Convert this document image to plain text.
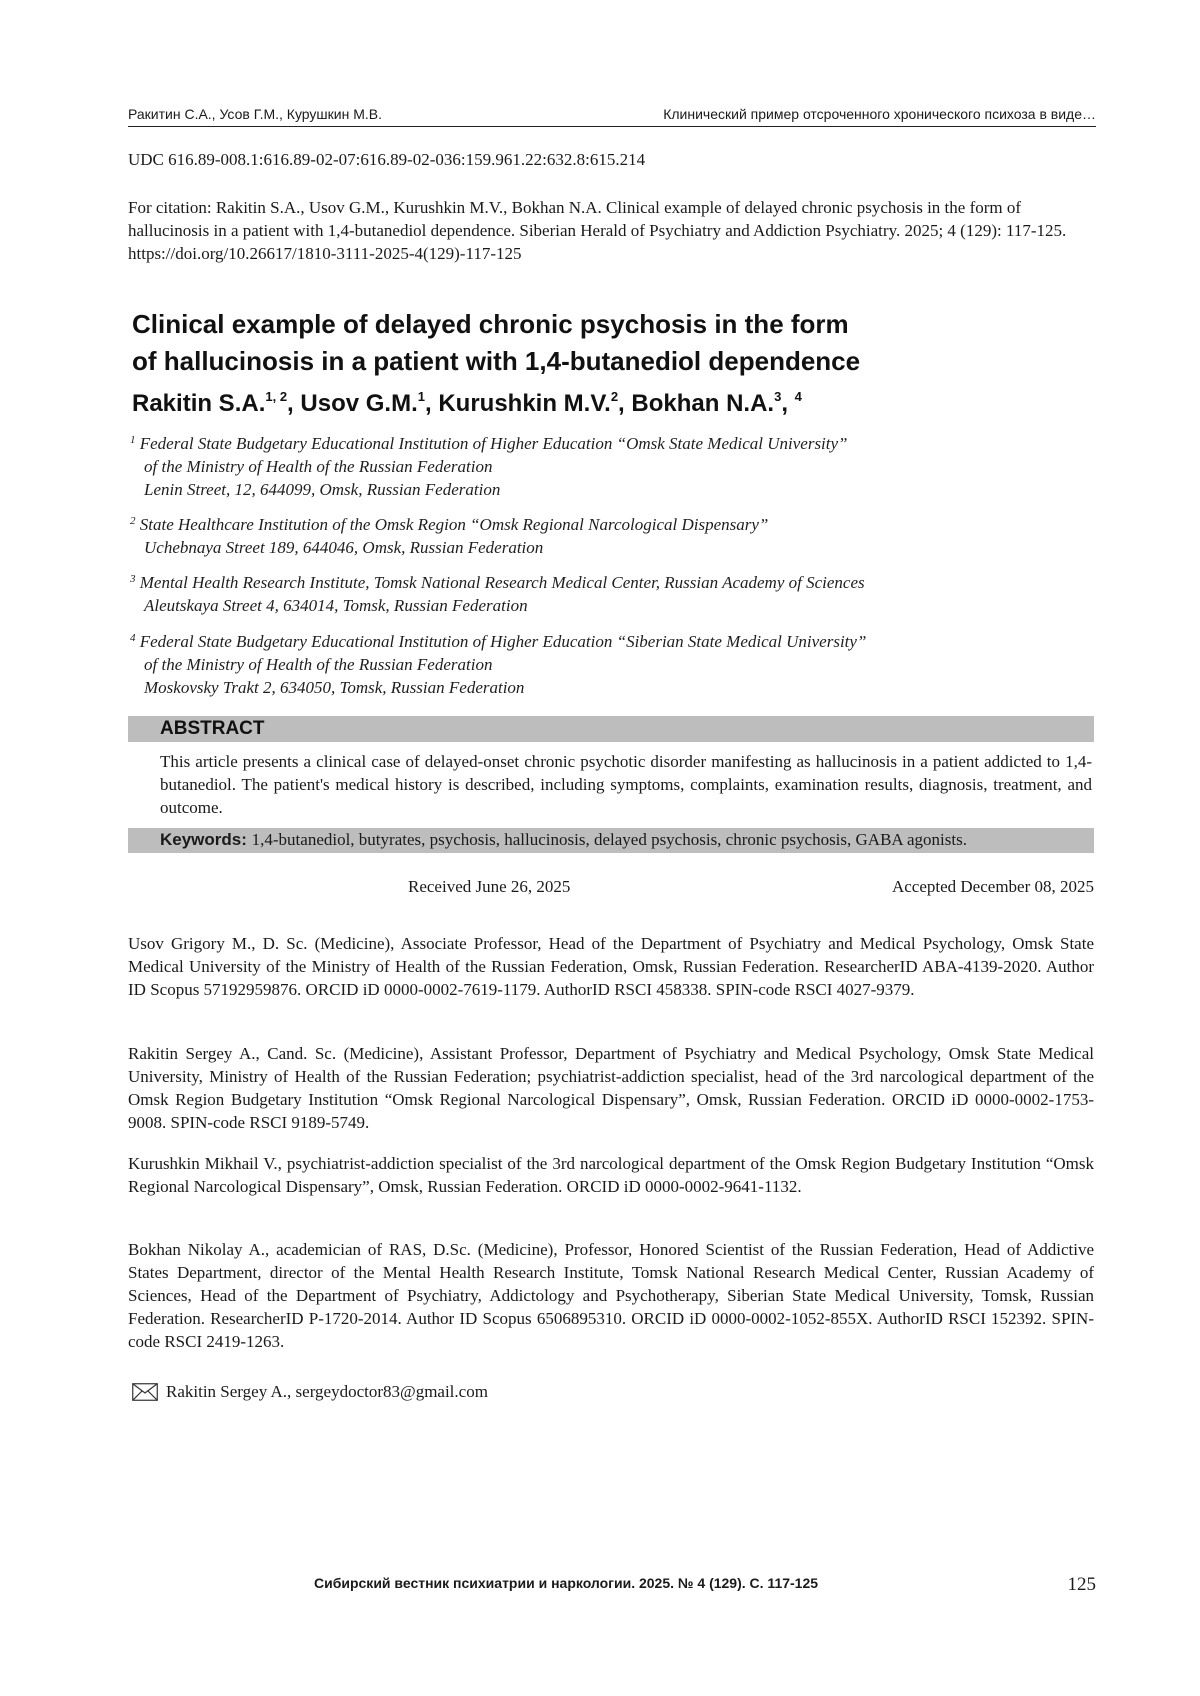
Ракитин С.А., Усов Г.М., Курушкин М.В.	Клинический пример отсроченного хронического психоза в виде…
UDC 616.89-008.1:616.89-02-07:616.89-02-036:159.961.22:632.8:615.214
For citation: Rakitin S.A., Usov G.M., Kurushkin M.V., Bokhan N.A. Clinical example of delayed chronic psychosis in the form of hallucinosis in a patient with 1,4-butanediol dependence. Siberian Herald of Psychiatry and Addiction Psychiatry. 2025; 4 (129): 117-125. https://doi.org/10.26617/1810-3111-2025-4(129)-117-125
Clinical example of delayed chronic psychosis in the form
of hallucinosis in a patient with 1,4-butanediol dependence
Rakitin S.A.$^{1, 2}$, Usov G.M.$^1$, Kurushkin M.V.$^2$, Bokhan N.A.$^3$, $^4$
$^1$ Federal State Budgetary Educational Institution of Higher Education “Omsk State Medical University”
of the Ministry of Health of the Russian Federation
Lenin Street, 12, 644099, Omsk, Russian Federation
$^2$ State Healthcare Institution of the Omsk Region “Omsk Regional Narcological Dispensary”
Uchebnaya Street 189, 644046, Omsk, Russian Federation
$^3$ Mental Health Research Institute, Tomsk National Research Medical Center, Russian Academy of Sciences
Aleutskaya Street 4, 634014, Tomsk, Russian Federation
$^4$ Federal State Budgetary Educational Institution of Higher Education “Siberian State Medical University”
of the Ministry of Health of the Russian Federation
Moskovsky Trakt 2, 634050, Tomsk, Russian Federation
ABSTRACT
This article presents a clinical case of delayed-onset chronic psychotic disorder manifesting as hallucinosis in a patient addicted to 1,4-butanediol. The patient's medical history is described, including symptoms, complaints, examination results, diagnosis, treatment, and outcome.
Keywords: 1,4-butanediol, butyrates, psychosis, hallucinosis, delayed psychosis, chronic psychosis, GABA agonists.
Received June 26, 2025	Accepted December 08, 2025
Usov Grigory M., D. Sc. (Medicine), Associate Professor, Head of the Department of Psychiatry and Medical Psychology, Omsk State Medical University of the Ministry of Health of the Russian Federation, Omsk, Russian Federation. ResearcherID ABA-4139-2020. Author ID Scopus 57192959876. ORCID iD 0000-0002-7619-1179. AuthorID RSCI 458338. SPIN-code RSCI 4027-9379.
Rakitin Sergey A., Cand. Sc. (Medicine), Assistant Professor, Department of Psychiatry and Medical Psychology, Omsk State Medical University, Ministry of Health of the Russian Federation; psychiatrist-addiction specialist, head of the 3rd narcological department of the Omsk Region Budgetary Institution “Omsk Regional Narcological Dispensary”, Omsk, Russian Federation. ORCID iD 0000-0002-1753-9008. SPIN-code RSCI 9189-5749.
Kurushkin Mikhail V., psychiatrist-addiction specialist of the 3rd narcological department of the Omsk Region Budgetary Institution “Omsk Regional Narcological Dispensary”, Omsk, Russian Federation. ORCID iD 0000-0002-9641-1132.
Bokhan Nikolay A., academician of RAS, D.Sc. (Medicine), Professor, Honored Scientist of the Russian Federation, Head of Addictive States Department, director of the Mental Health Research Institute, Tomsk National Research Medical Center, Russian Academy of Sciences, Head of the Department of Psychiatry, Addictology and Psychotherapy, Siberian State Medical University, Tomsk, Russian Federation. ResearcherID P-1720-2014. Author ID Scopus 6506895310. ORCID iD 0000-0002-1052-855X. AuthorID RSCI 152392. SPIN-code RSCI 2419-1263.
Rakitin Sergey A., sergeydoctor83@gmail.com
Сибирский вестник психиатрии и наркологии. 2025. № 4 (129). С. 117-125	125
